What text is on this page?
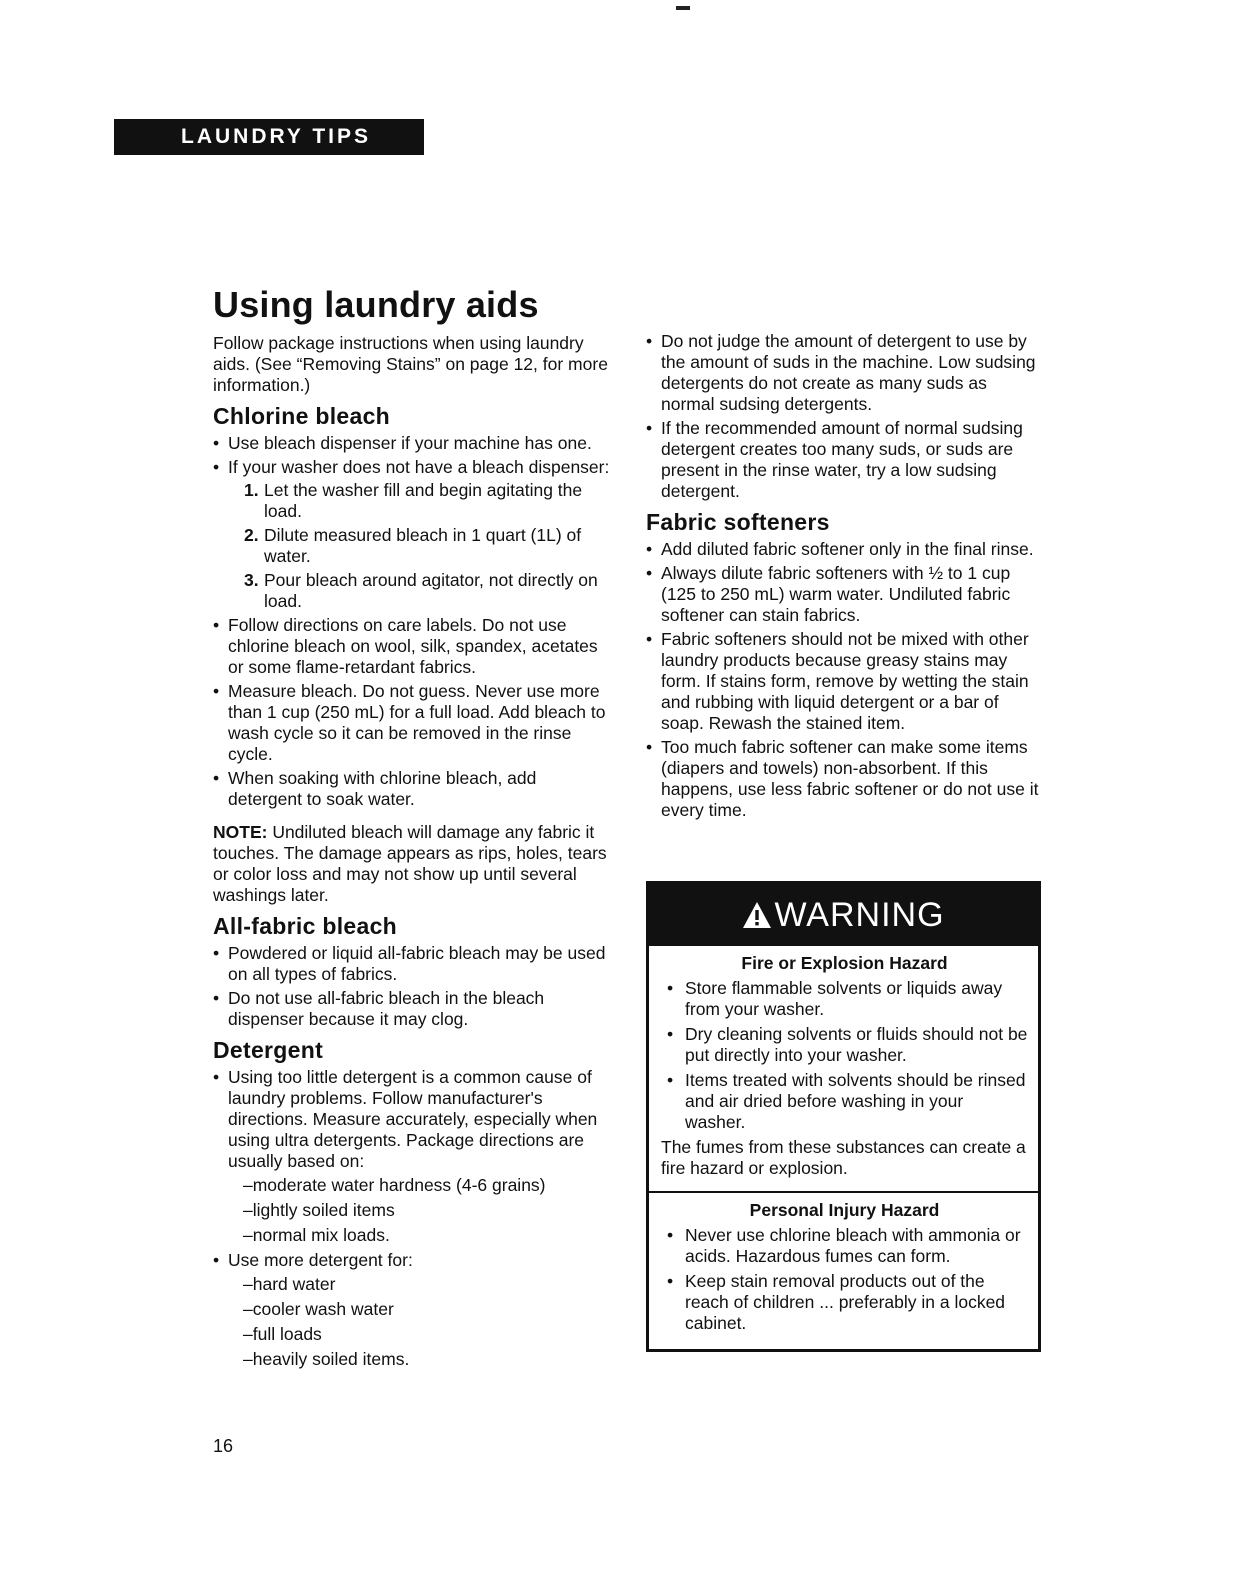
LAUNDRY TIPS
Using laundry aids

Follow package instructions when using laundry aids. (See “Removing Stains” on page 12, for more information.)

Chlorine bleach
• Use bleach dispenser if your machine has one.
• If your washer does not have a bleach dispenser:
1. Let the washer fill and begin agitating the load.
2. Dilute measured bleach in 1 quart (1L) of water.
3. Pour bleach around agitator, not directly on load.
• Follow directions on care labels. Do not use chlorine bleach on wool, silk, spandex, acetates or some flame-retardant fabrics.
• Measure bleach. Do not guess. Never use more than 1 cup (250 mL) for a full load. Add bleach to wash cycle so it can be removed in the rinse cycle.
• When soaking with chlorine bleach, add detergent to soak water.

NOTE: Undiluted bleach will damage any fabric it touches. The damage appears as rips, holes, tears or color loss and may not show up until several washings later.

All-fabric bleach
• Powdered or liquid all-fabric bleach may be used on all types of fabrics.
• Do not use all-fabric bleach in the bleach dispenser because it may clog.
Detergent
• Using too little detergent is a common cause of laundry problems. Follow manufacturer's directions. Measure accurately, especially when using ultra detergents. Package directions are usually based on:
–moderate water hardness (4-6 grains)
–lightly soiled items
–normal mix loads.
• Use more detergent for:
–hard water
–cooler wash water
–full loads
–heavily soiled items.
• Do not judge the amount of detergent to use by the amount of suds in the machine. Low sudsing detergents do not create as many suds as normal sudsing detergents.
• If the recommended amount of normal sudsing detergent creates too many suds, or suds are present in the rinse water, try a low sudsing detergent.
Fabric softeners
• Add diluted fabric softener only in the final rinse.
• Always dilute fabric softeners with ½ to 1 cup (125 to 250 mL) warm water. Undiluted fabric softener can stain fabrics.
• Fabric softeners should not be mixed with other laundry products because greasy stains may form. If stains form, remove by wetting the stain and rubbing with liquid detergent or a bar of soap. Rewash the stained item.
• Too much fabric softener can make some items (diapers and towels) non-absorbent. If this happens, use less fabric softener or do not use it every time.
WARNING
Fire or Explosion Hazard
• Store flammable solvents or liquids away from your washer.
• Dry cleaning solvents or fluids should not be put directly into your washer.
• Items treated with solvents should be rinsed and air dried before washing in your washer.

The fumes from these substances can create a fire hazard or explosion.

Personal Injury Hazard
• Never use chlorine bleach with ammonia or acids. Hazardous fumes can form.
• Keep stain removal products out of the reach of children ... preferably in a locked cabinet.
16
